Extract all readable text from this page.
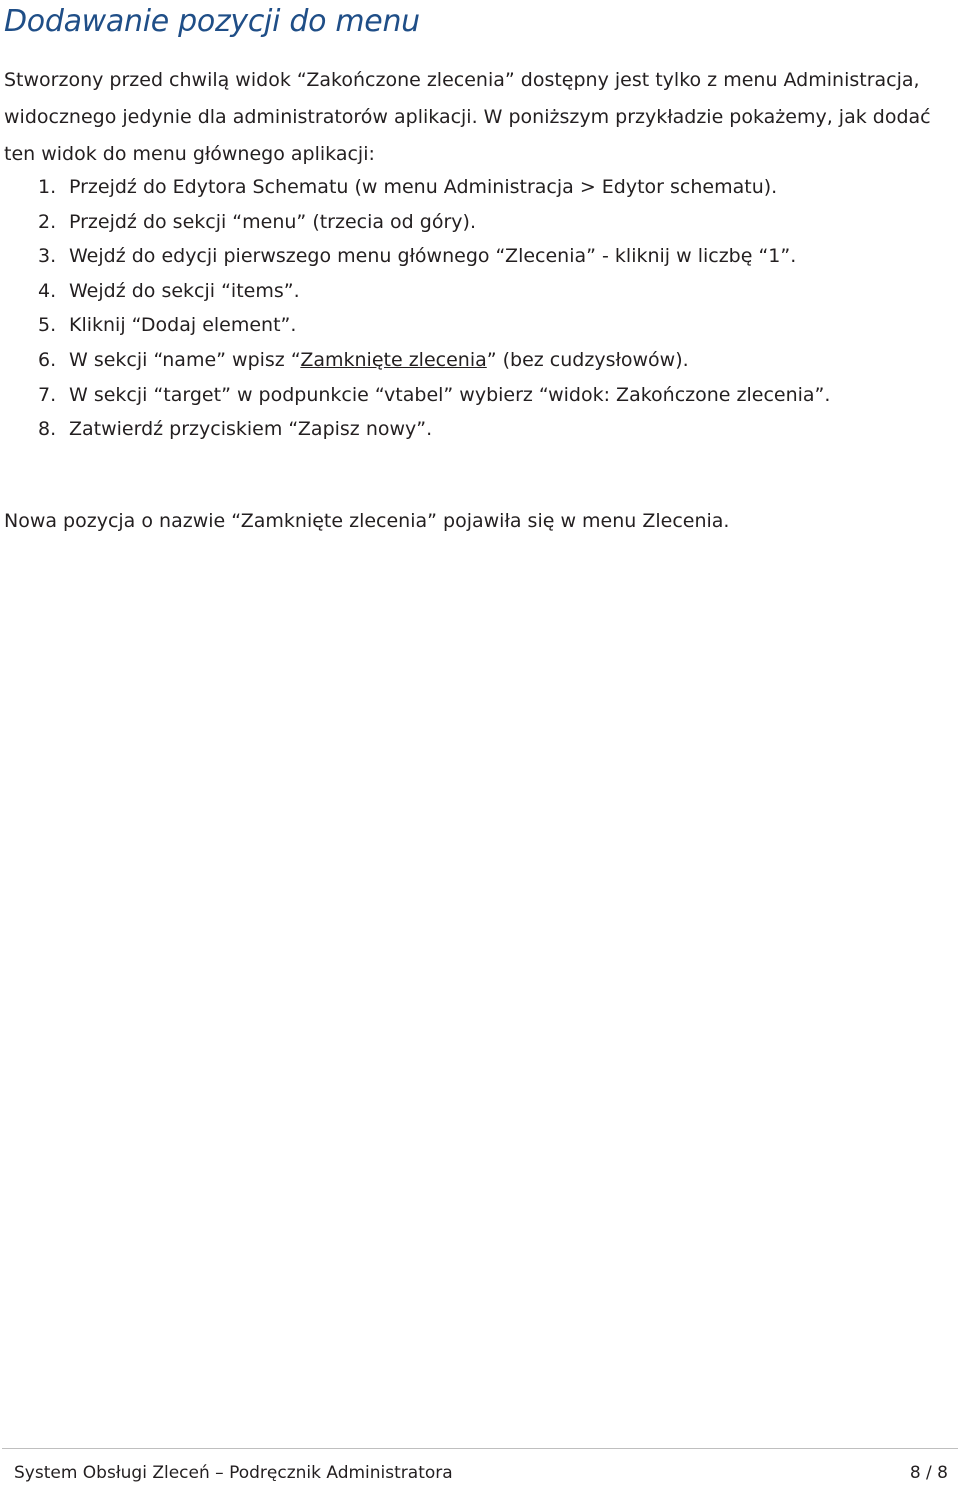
Dodawanie pozycji do menu

Stworzony przed chwilą widok “Zakończone zlecenia” dostępny jest tylko z menu Administracja, widocznego jedynie dla administratorów aplikacji. W poniższym przykładzie pokażemy, jak dodać ten widok do menu głównego aplikacji:

1. Przejdź do Edytora Schematu (w menu Administracja > Edytor schematu).
2. Przejdź do sekcji “menu” (trzecia od góry).
3. Wejdź do edycji pierwszego menu głównego “Zlecenia” - kliknij w liczbę “1”.
4. Wejdź do sekcji “items”.
5. Kliknij “Dodaj element”.
6. W sekcji “name” wpisz “Zamknięte zlecenia” (bez cudzysłowów).
7. W sekcji “target” w podpunkcie “vtabel” wybierz “widok: Zakończone zlecenia”.
8. Zatwierdź przyciskiem “Zapisz nowy”.

Nowa pozycja o nazwie “Zamknięte zlecenia” pojawiła się w menu Zlecenia.

System Obsługi Zleceń – Podręcznik Administratora	8 / 8
